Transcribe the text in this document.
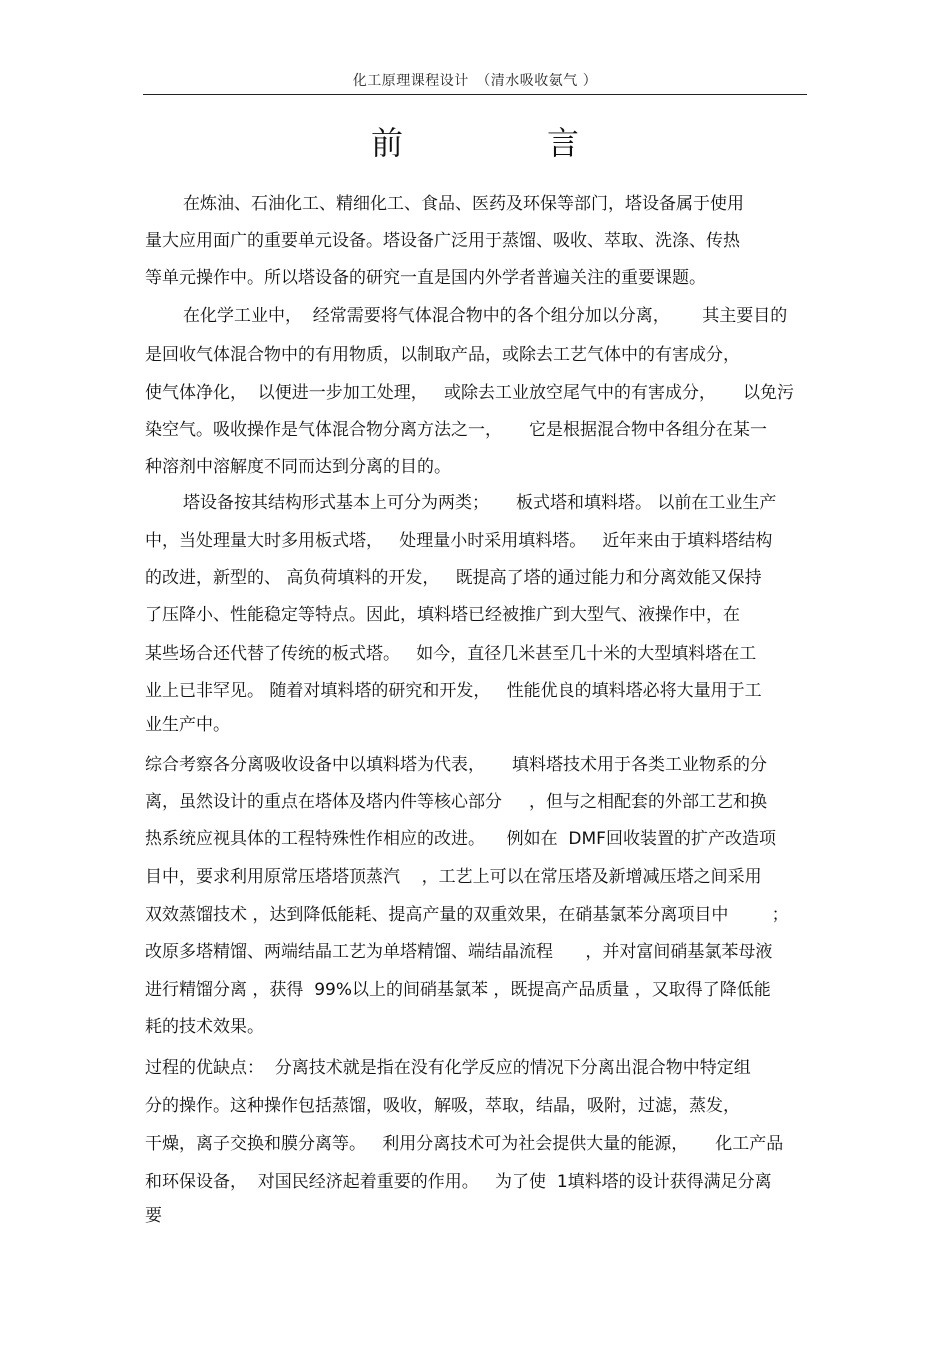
化工原理课程设计　（清水吸收氨气 ）
前　言
在炼油、石油化工、精细化工、食品、医药及环保等部门，塔设备属于使用
量大应用面广的重要单元设备。塔设备广泛用于蒸馏、吸收、萃取、洗涤、传热
等单元操作中。所以塔设备的研究一直是国内外学者普遍关注的重要课题。
在化学工业中，  经常需要将气体混合物中的各个组分加以分离，      其主要目的
是回收气体混合物中的有用物质，以制取产品，或除去工艺气体中的有害成分，
使气体净化，  以便进一步加工处理，   或除去工业放空尾气中的有害成分，     以免污
染空气。吸收操作是气体混合物分离方法之一，     它是根据混合物中各组分在某一
种溶剂中溶解度不同而达到分离的目的。
塔设备按其结构形式基本上可分为两类；     板式塔和填料塔。 以前在工业生产
中，当处理量大时多用板式塔，   处理量小时采用填料塔。   近年来由于填料塔结构
的改进，新型的、 高负荷填料的开发，   既提高了塔的通过能力和分离效能又保持
了压降小、性能稳定等特点。因此，填料塔已经被推广到大型气、液操作中，在
某些场合还代替了传统的板式塔。   如今，直径几米甚至几十米的大型填料塔在工
业上已非罕见。 随着对填料塔的研究和开发，   性能优良的填料塔必将大量用于工
业生产中。
综合考察各分离吸收设备中以填料塔为代表，     填料塔技术用于各类工业物系的分
离，虽然设计的重点在塔体及塔内件等核心部分     ，但与之相配套的外部工艺和换
热系统应视具体的工程特殊性作相应的改进。    例如在  DMF回收装置的扩产改造项
目中，要求利用原常压塔塔顶蒸汽    ，工艺上可以在常压塔及新增减压塔之间采用
双效蒸馏技术 ，达到降低能耗、提高产量的双重效果，在硝基氯苯分离项目中        ；
改原多塔精馏、两端结晶工艺为单塔精馏、端结晶流程      ，并对富间硝基氯苯母液
进行精馏分离 ，获得  99%以上的间硝基氯苯 ，既提高产品质量 ，又取得了降低能
耗的技术效果。
过程的优缺点：  分离技术就是指在没有化学反应的情况下分离出混合物中特定组
分的操作。这种操作包括蒸馏，吸收，解吸，萃取，结晶，吸附，过滤，蒸发，
干燥，离子交换和膜分离等。   利用分离技术可为社会提供大量的能源，     化工产品
和环保设备，  对国民经济起着重要的作用。   为了使  1填料塔的设计获得满足分离
要
